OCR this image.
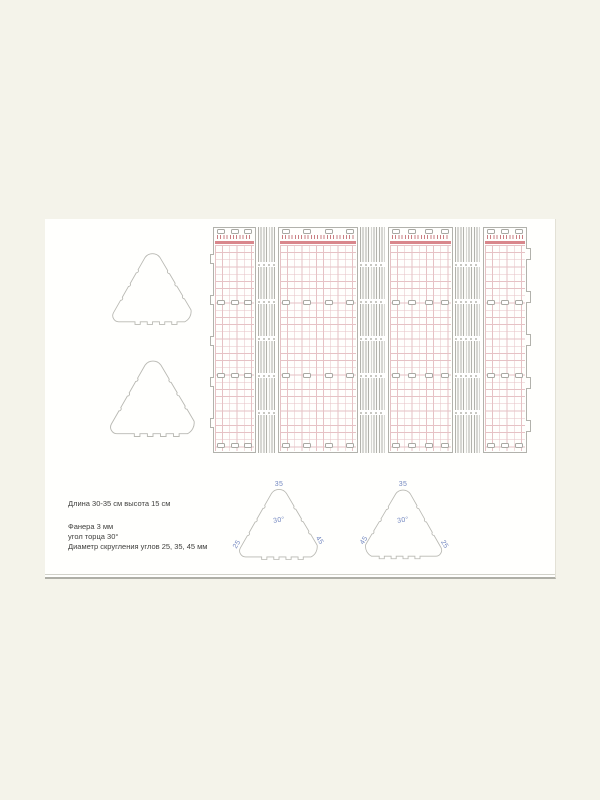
35
30°
25	45
35
30°
45	25
Длина 30-35 см высота 15 см
Фанера 3 мм
угол торца 30°
Диаметр скругления углов 25, 35, 45 мм
